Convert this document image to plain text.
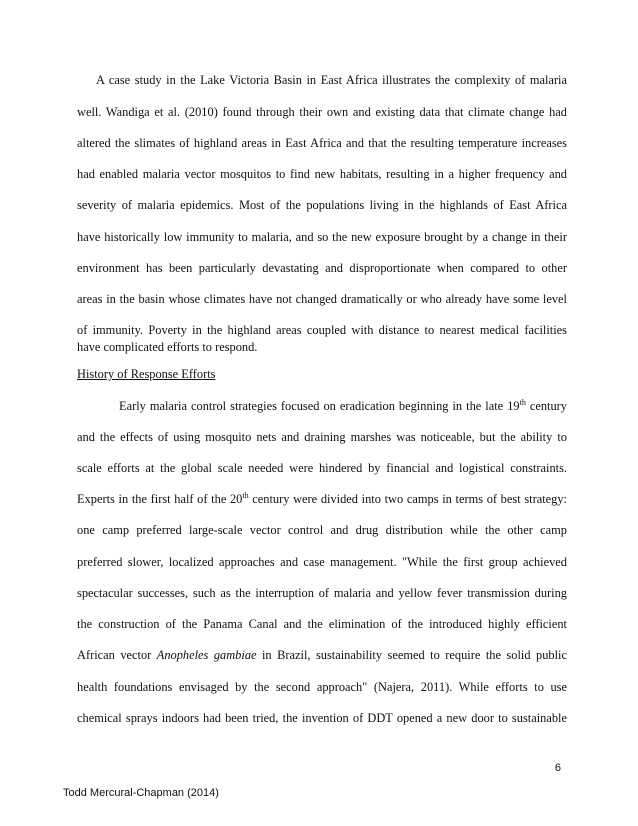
A case study in the Lake Victoria Basin in East Africa illustrates the complexity of malaria
well. Wandiga et al. (2010) found through their own and existing data that climate change had
altered the slimates of highland areas in East Africa and that the resulting temperature increases
had enabled malaria vector mosquitos to find new habitats, resulting in a higher frequency and
severity of malaria epidemics. Most of the populations living in the highlands of East Africa
have historically low immunity to malaria, and so the new exposure brought by a change in their
environment has been particularly devastating and disproportionate when compared to other
areas in the basin whose climates have not changed dramatically or who already have some level
of immunity. Poverty in the highland areas coupled with distance to nearest medical facilities
have complicated efforts to respond.
History of Response Efforts
Early malaria control strategies focused on eradication beginning in the late 19th century
and the effects of using mosquito nets and draining marshes was noticeable, but the ability to
scale efforts at the global scale needed were hindered by financial and logistical constraints.
Experts in the first half of the 20th century were divided into two camps in terms of best strategy:
one camp preferred large-scale vector control and drug distribution while the other camp
preferred slower, localized approaches and case management. "While the first group achieved
spectacular successes, such as the interruption of malaria and yellow fever transmission during
the construction of the Panama Canal and the elimination of the introduced highly efficient
African vector Anopheles gambiae in Brazil, sustainability seemed to require the solid public
health foundations envisaged by the second approach" (Najera, 2011). While efforts to use
chemical sprays indoors had been tried, the invention of DDT opened a new door to sustainable
6
Todd Mercural-Chapman (2014)
